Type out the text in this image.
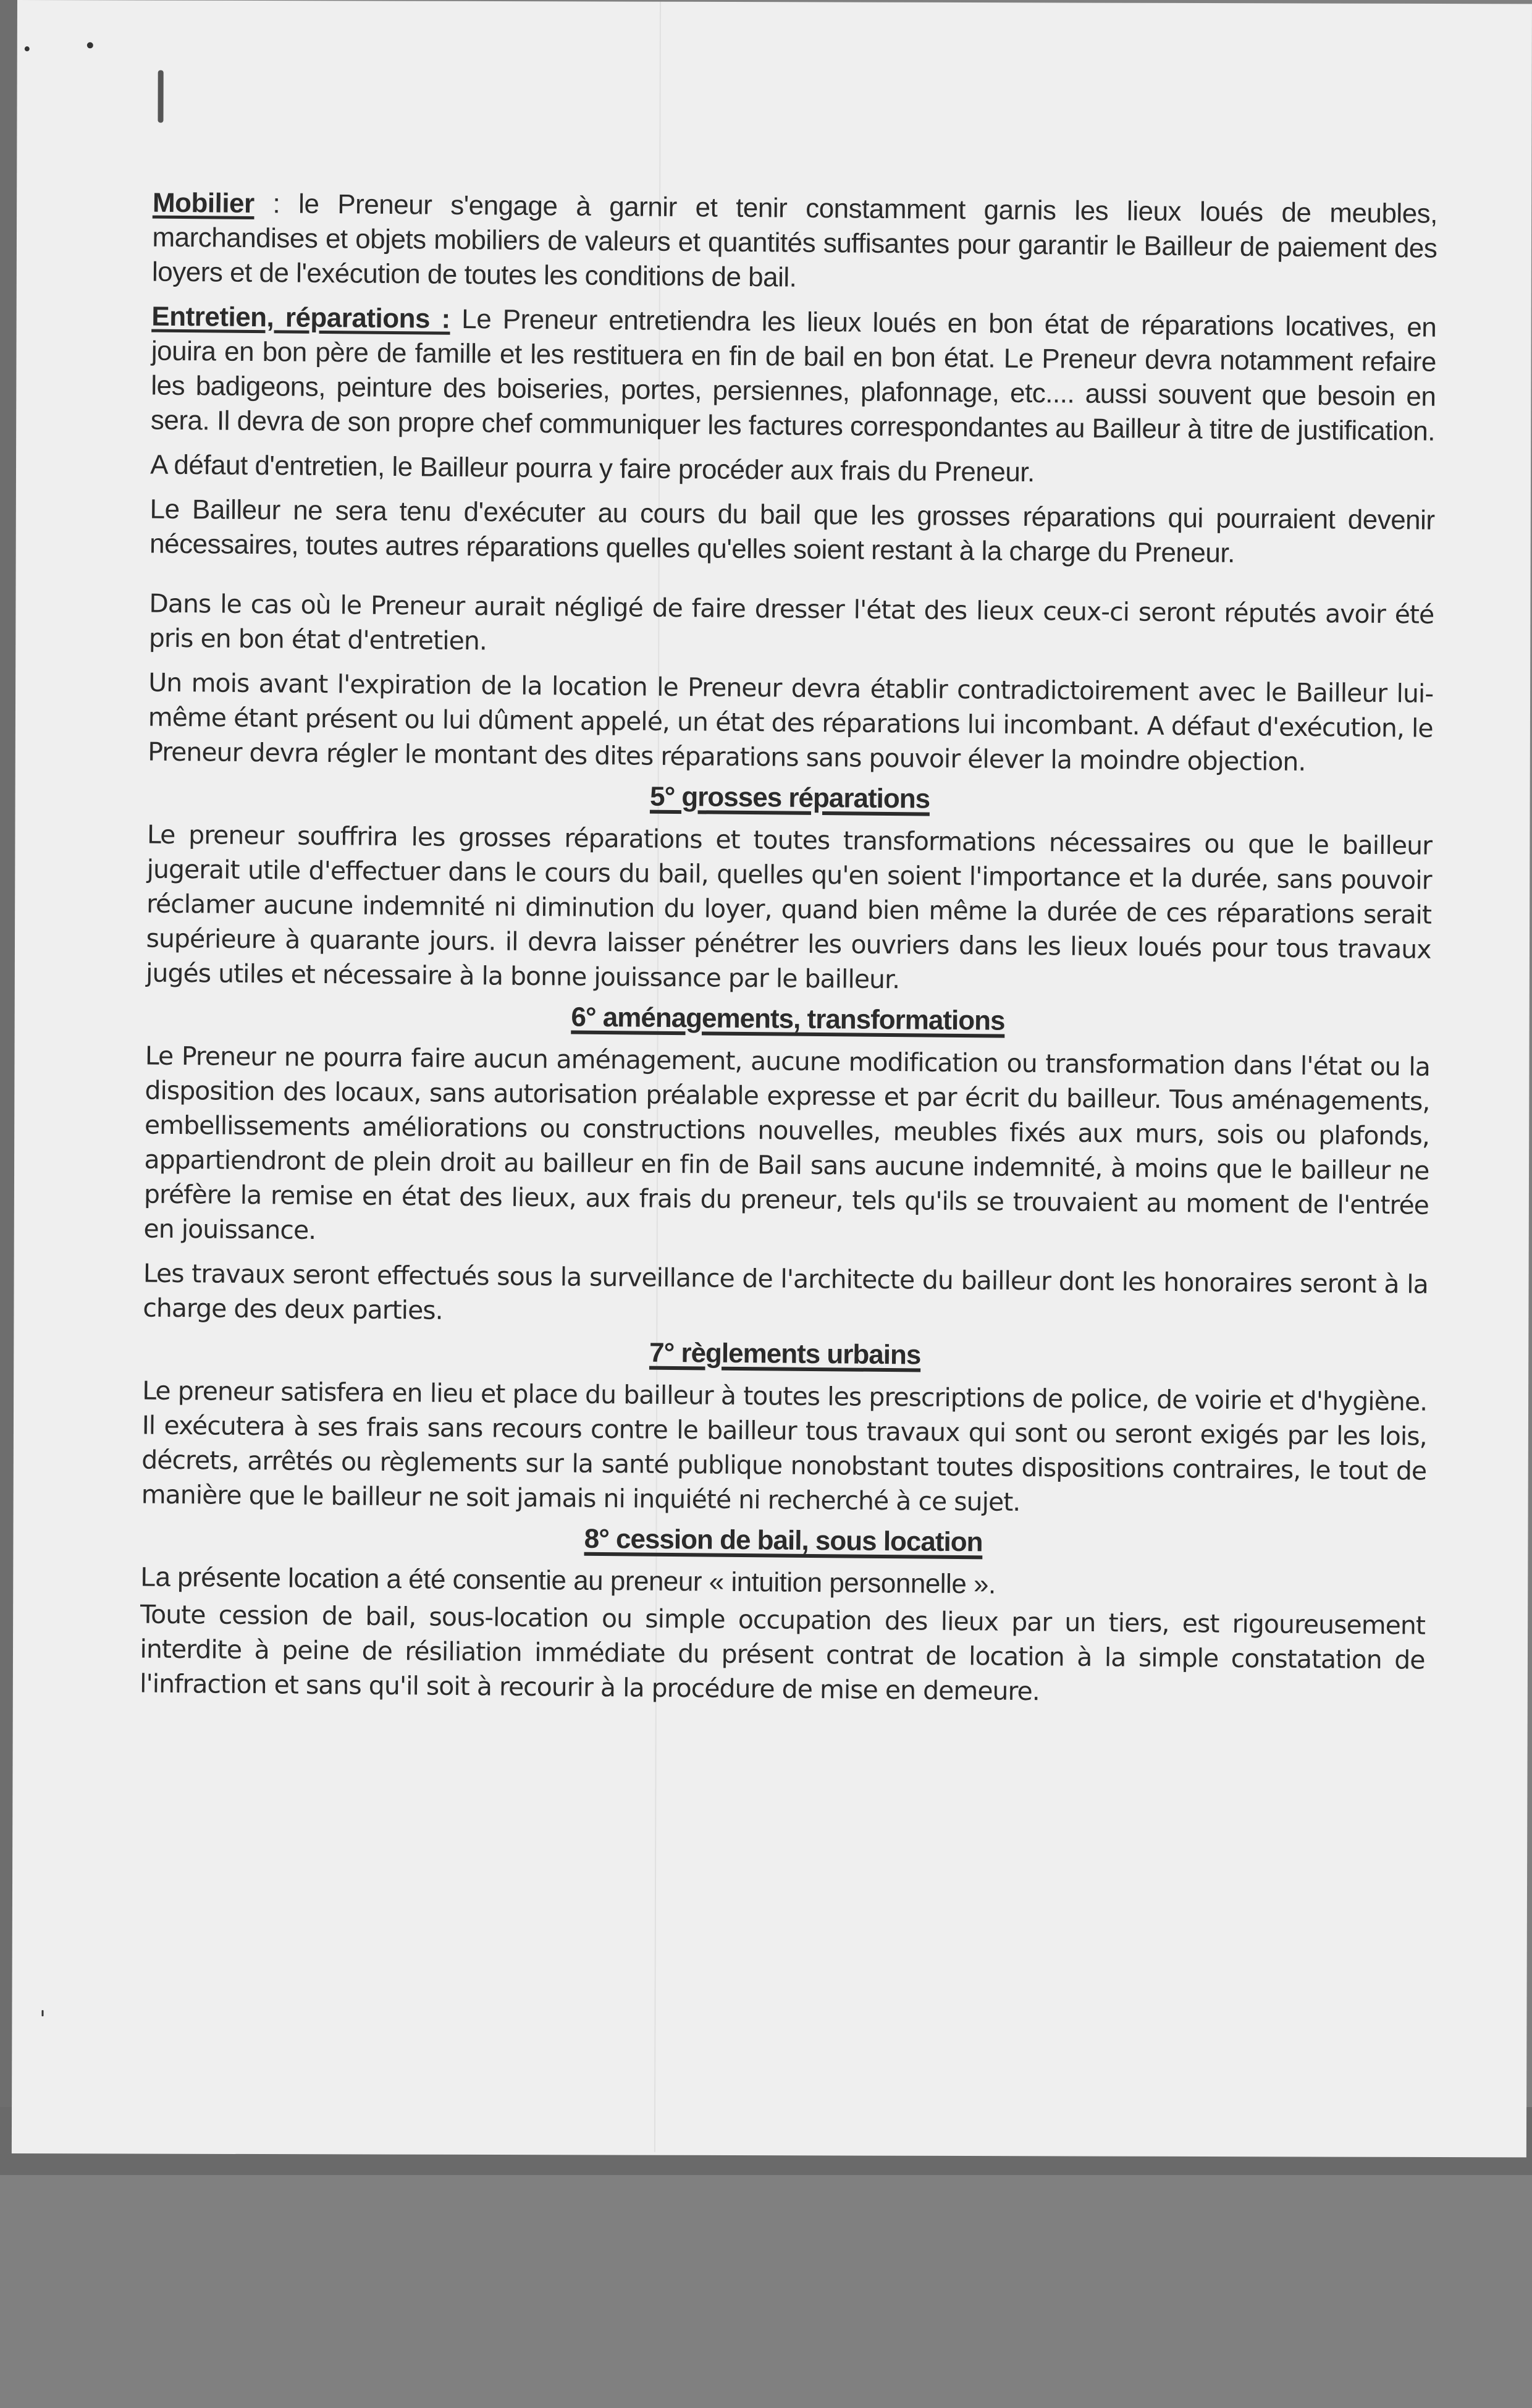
Mobilier : le Preneur s'engage à garnir et tenir constamment garnis les lieux loués de meubles, marchandises et objets mobiliers de valeurs et quantités suffisantes pour garantir le Bailleur de paiement des loyers et de l'exécution de toutes les conditions de bail.

Entretien, réparations : Le Preneur entretiendra les lieux loués en bon état de réparations locatives, en jouira en bon père de famille et les restituera en fin de bail en bon état. Le Preneur devra notamment refaire les badigeons, peinture des boiseries, portes, persiennes, plafonnage, etc.... aussi souvent que besoin en sera. Il devra de son propre chef communiquer les factures correspondantes au Bailleur à titre de justification.

A défaut d'entretien, le Bailleur pourra y faire procéder aux frais du Preneur.

Le Bailleur ne sera tenu d'exécuter au cours du bail que les grosses réparations qui pourraient devenir nécessaires, toutes autres réparations quelles qu'elles soient restant à la charge du Preneur.

Dans le cas où le Preneur aurait négligé de faire dresser l'état des lieux ceux-ci seront réputés avoir été pris en bon état d'entretien.

Un mois avant l'expiration de la location le Preneur devra établir contradictoirement avec le Bailleur lui-même étant présent ou lui dûment appelé, un état des réparations lui incombant. A défaut d'exécution, le Preneur devra régler le montant des dites réparations sans pouvoir élever la moindre objection.

5° grosses réparations

Le preneur souffrira les grosses réparations et toutes transformations nécessaires ou que le bailleur jugerait utile d'effectuer dans le cours du bail, quelles qu'en soient l'importance et la durée, sans pouvoir réclamer aucune indemnité ni diminution du loyer, quand bien même la durée de ces réparations serait supérieure à quarante jours. il devra laisser pénétrer les ouvriers dans les lieux loués pour tous travaux jugés utiles et nécessaire à la bonne jouissance par le bailleur.

6° aménagements, transformations

Le Preneur ne pourra faire aucun aménagement, aucune modification ou transformation dans l'état ou la disposition des locaux, sans autorisation préalable expresse et par écrit du bailleur. Tous aménagements, embellissements améliorations ou constructions nouvelles, meubles fixés aux murs, sois ou plafonds, appartiendront de plein droit au bailleur en fin de Bail sans aucune indemnité, à moins que le bailleur ne préfère la remise en état des lieux, aux frais du preneur, tels qu'ils se trouvaient au moment de l'entrée en jouissance.

Les travaux seront effectués sous la surveillance de l'architecte du bailleur dont les honoraires seront à la charge des deux parties.

7° règlements urbains

Le preneur satisfera en lieu et place du bailleur à toutes les prescriptions de police, de voirie et d'hygiène. Il exécutera à ses frais sans recours contre le bailleur tous travaux qui sont ou seront exigés par les lois, décrets, arrêtés ou règlements sur la santé publique nonobstant toutes dispositions contraires, le tout de manière que le bailleur ne soit jamais ni inquiété ni recherché à ce sujet.

8° cession de bail, sous location

La présente location a été consentie au preneur « intuition personnelle ».

Toute cession de bail, sous-location ou simple occupation des lieux par un tiers, est rigoureusement interdite à peine de résiliation immédiate du présent contrat de location à la simple constatation de l'infraction et sans qu'il soit à recourir à la procédure de mise en demeure.
